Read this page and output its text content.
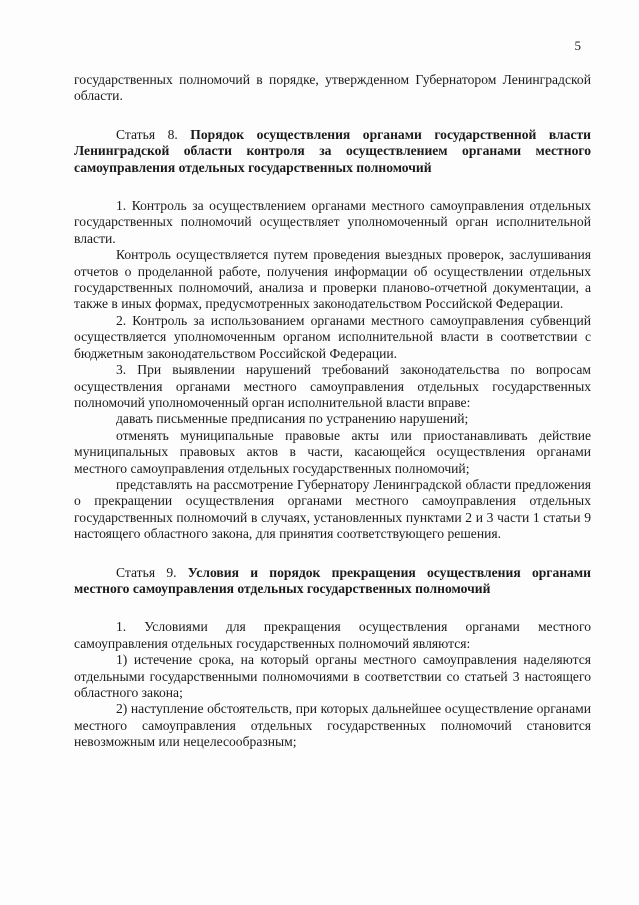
5

государственных полномочий в порядке, утвержденном Губернатором Ленинградской области.

Статья 8. Порядок осуществления органами государственной власти Ленинградской области контроля за осуществлением органами местного самоуправления отдельных государственных полномочий

1. Контроль за осуществлением органами местного самоуправления отдельных государственных полномочий осуществляет уполномоченный орган исполнительной власти.

Контроль осуществляется путем проведения выездных проверок, заслушивания отчетов о проделанной работе, получения информации об осуществлении отдельных государственных полномочий, анализа и проверки планово-отчетной документации, а также в иных формах, предусмотренных законодательством Российской Федерации.

2. Контроль за использованием органами местного самоуправления субвенций осуществляется уполномоченным органом исполнительной власти в соответствии с бюджетным законодательством Российской Федерации.

3. При выявлении нарушений требований законодательства по вопросам осуществления органами местного самоуправления отдельных государственных полномочий уполномоченный орган исполнительной власти вправе:

давать письменные предписания по устранению нарушений;

отменять муниципальные правовые акты или приостанавливать действие муниципальных правовых актов в части, касающейся осуществления органами местного самоуправления отдельных государственных полномочий;

представлять на рассмотрение Губернатору Ленинградской области предложения о прекращении осуществления органами местного самоуправления отдельных государственных полномочий в случаях, установленных пунктами 2 и 3 части 1 статьи 9 настоящего областного закона, для принятия соответствующего решения.

Статья 9. Условия и порядок прекращения осуществления органами местного самоуправления отдельных государственных полномочий

1. Условиями для прекращения осуществления органами местного самоуправления отдельных государственных полномочий являются:

1) истечение срока, на который органы местного самоуправления наделяются отдельными государственными полномочиями в соответствии со статьей 3 настоящего областного закона;

2) наступление обстоятельств, при которых дальнейшее осуществление органами местного самоуправления отдельных государственных полномочий становится невозможным или нецелесообразным;
